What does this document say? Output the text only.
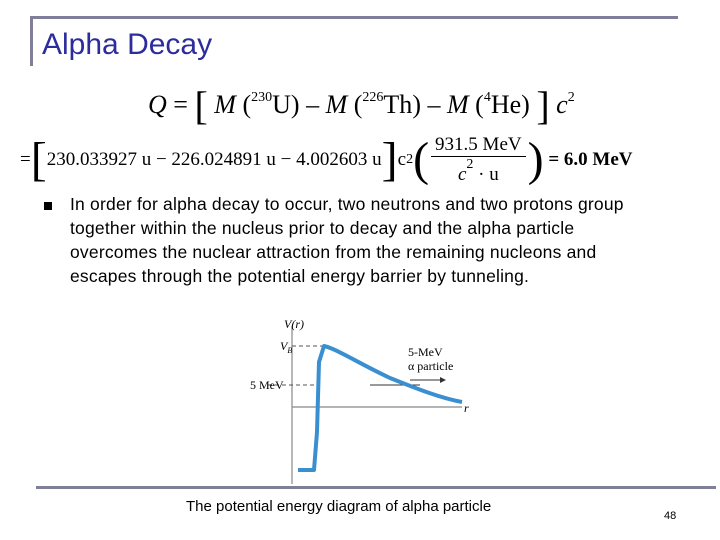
Alpha Decay
Q = [ M ($^{230}$U) – M ($^{226}$Th) – M ($^4$He) ] $c^2$
= [ 230.033927 u − 226.024891 u − 4.002603 u ] c 2 ( $\frac{\text{931.5 MeV}}{c^2 \cdot u}$ )
= 6.0 MeV
In order for alpha decay to occur, two neutrons and two protons group together within the nucleus prior to decay and the alpha particle overcomes the nuclear attraction from the remaining nucleons and escapes through the potential energy barrier by tunneling.
V(r)
$V_B$
5 MeV
5-MeV
α particle
r
The potential energy diagram of alpha particle
48
